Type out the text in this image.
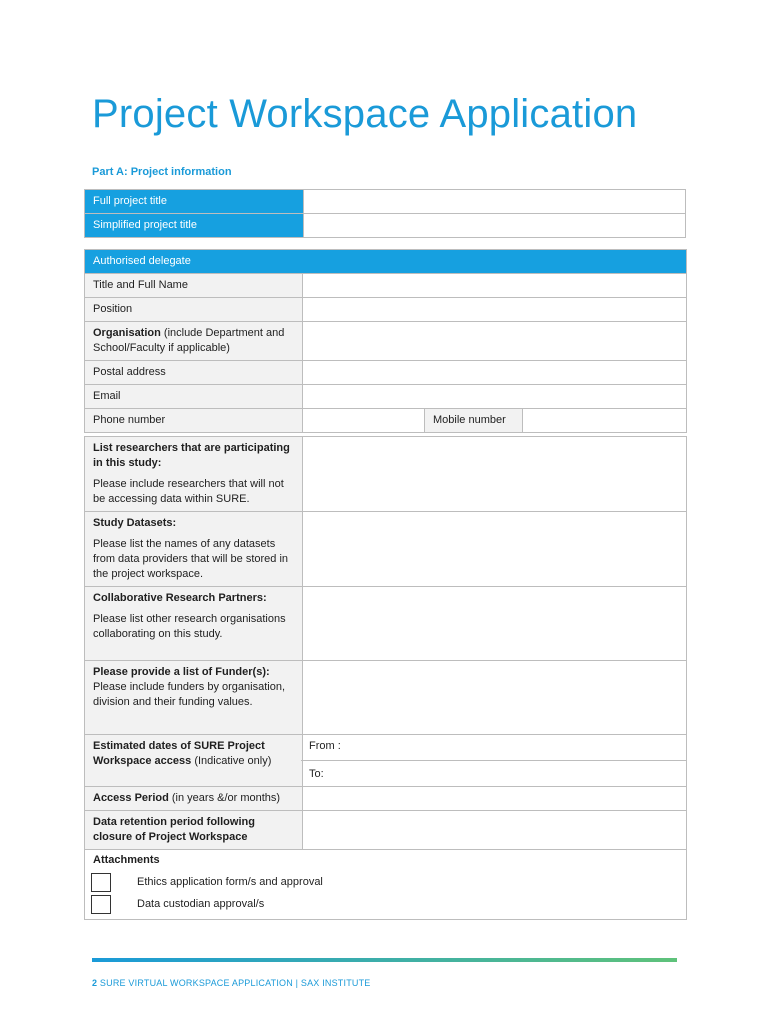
Project Workspace Application
Part A: Project information
Full project title	
Simplified project title	
Authorised delegate			
Title and Full Name			
Position			
Organisation (include Department and School/Faculty if applicable)			
Postal address			
Email			
Phone number		Mobile number	
List researchers that are participating in this study:
Please include researchers that will not be accessing data within SURE.	

Study Datasets:
Please list the names of any datasets from data providers that will be stored in the project workspace.	

Collaborative Research Partners:
Please list other research organisations collaborating on this study.	

Please provide a list of Funder(s):
Please include funders by organisation, division and their funding values.	

Estimated dates of SURE Project Workspace access (Indicative only)	From :
To:

Access Period (in years &/or months)	
Data retention period following closure of Project Workspace	

Attachments
Ethics application form/s and approval
Data custodian approval/s	
2 SURE VIRTUAL WORKSPACE APPLICATION | SAX INSTITUTE
